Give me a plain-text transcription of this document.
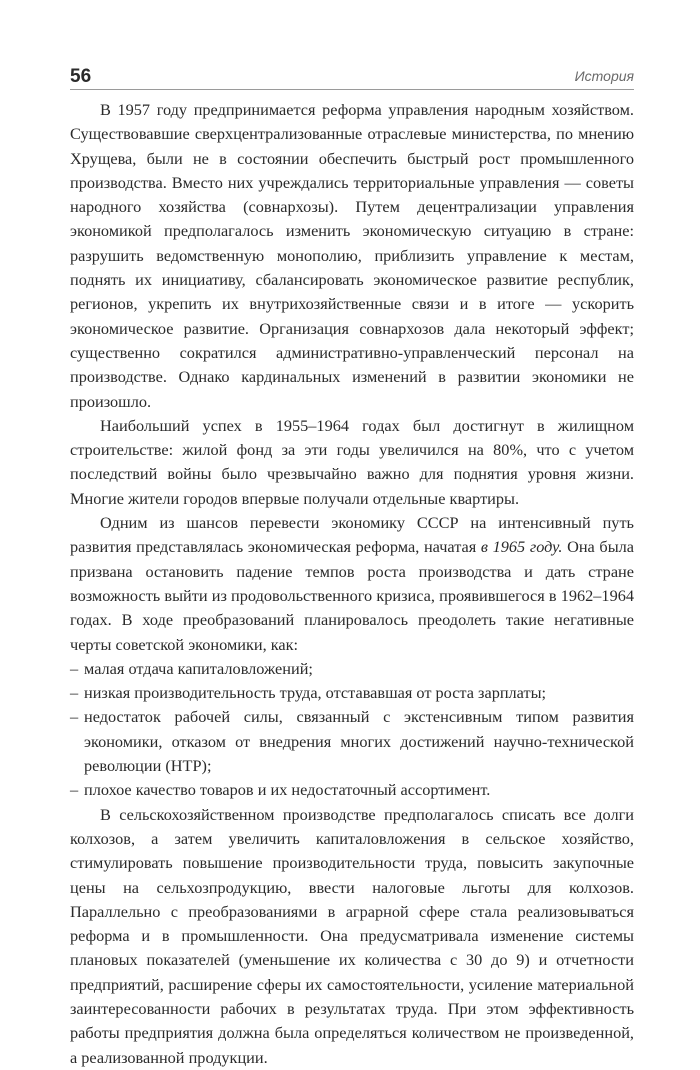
56	История

В 1957 году предпринимается реформа управления народным хозяйством. Существовавшие сверхцентрализованные отраслевые министерства, по мнению Хрущева, были не в состоянии обеспечить быстрый рост промышленного производства. Вместо них учреждались территориальные управления — советы народного хозяйства (совнархозы). Путем децентрализации управления экономикой предполагалось изменить экономическую ситуацию в стране: разрушить ведомственную монополию, приблизить управление к местам, поднять их инициативу, сбалансировать экономическое развитие республик, регионов, укрепить их внутрихозяйственные связи и в итоге — ускорить экономическое развитие. Организация совнархозов дала некоторый эффект; существенно сократился административно-управленческий персонал на производстве. Однако кардинальных изменений в развитии экономики не произошло.

Наибольший успех в 1955–1964 годах был достигнут в жилищном строительстве: жилой фонд за эти годы увеличился на 80%, что с учетом последствий войны было чрезвычайно важно для поднятия уровня жизни. Многие жители городов впервые получали отдельные квартиры.

Одним из шансов перевести экономику СССР на интенсивный путь развития представлялась экономическая реформа, начатая в 1965 году. Она была призвана остановить падение темпов роста производства и дать стране возможность выйти из продовольственного кризиса, проявившегося в 1962–1964 годах. В ходе преобразований планировалось преодолеть такие негативные черты советской экономики, как:

– малая отдача капиталовложений;
– низкая производительность труда, отстававшая от роста зарплаты;
– недостаток рабочей силы, связанный с экстенсивным типом развития экономики, отказом от внедрения многих достижений научно-технической революции (НТР);
– плохое качество товаров и их недостаточный ассортимент.

В сельскохозяйственном производстве предполагалось списать все долги колхозов, а затем увеличить капиталовложения в сельское хозяйство, стимулировать повышение производительности труда, повысить закупочные цены на сельхозпродукцию, ввести налоговые льготы для колхозов. Параллельно с преобразованиями в аграрной сфере стала реализовываться реформа и в промышленности. Она предусматривала изменение системы плановых показателей (уменьшение их количества с 30 до 9) и отчетности предприятий, расширение сферы их самостоятельности, усиление материальной заинтересованности рабочих в результатах труда. При этом эффективность работы предприятия должна была определяться количеством не произведенной, а реализованной продукции.
